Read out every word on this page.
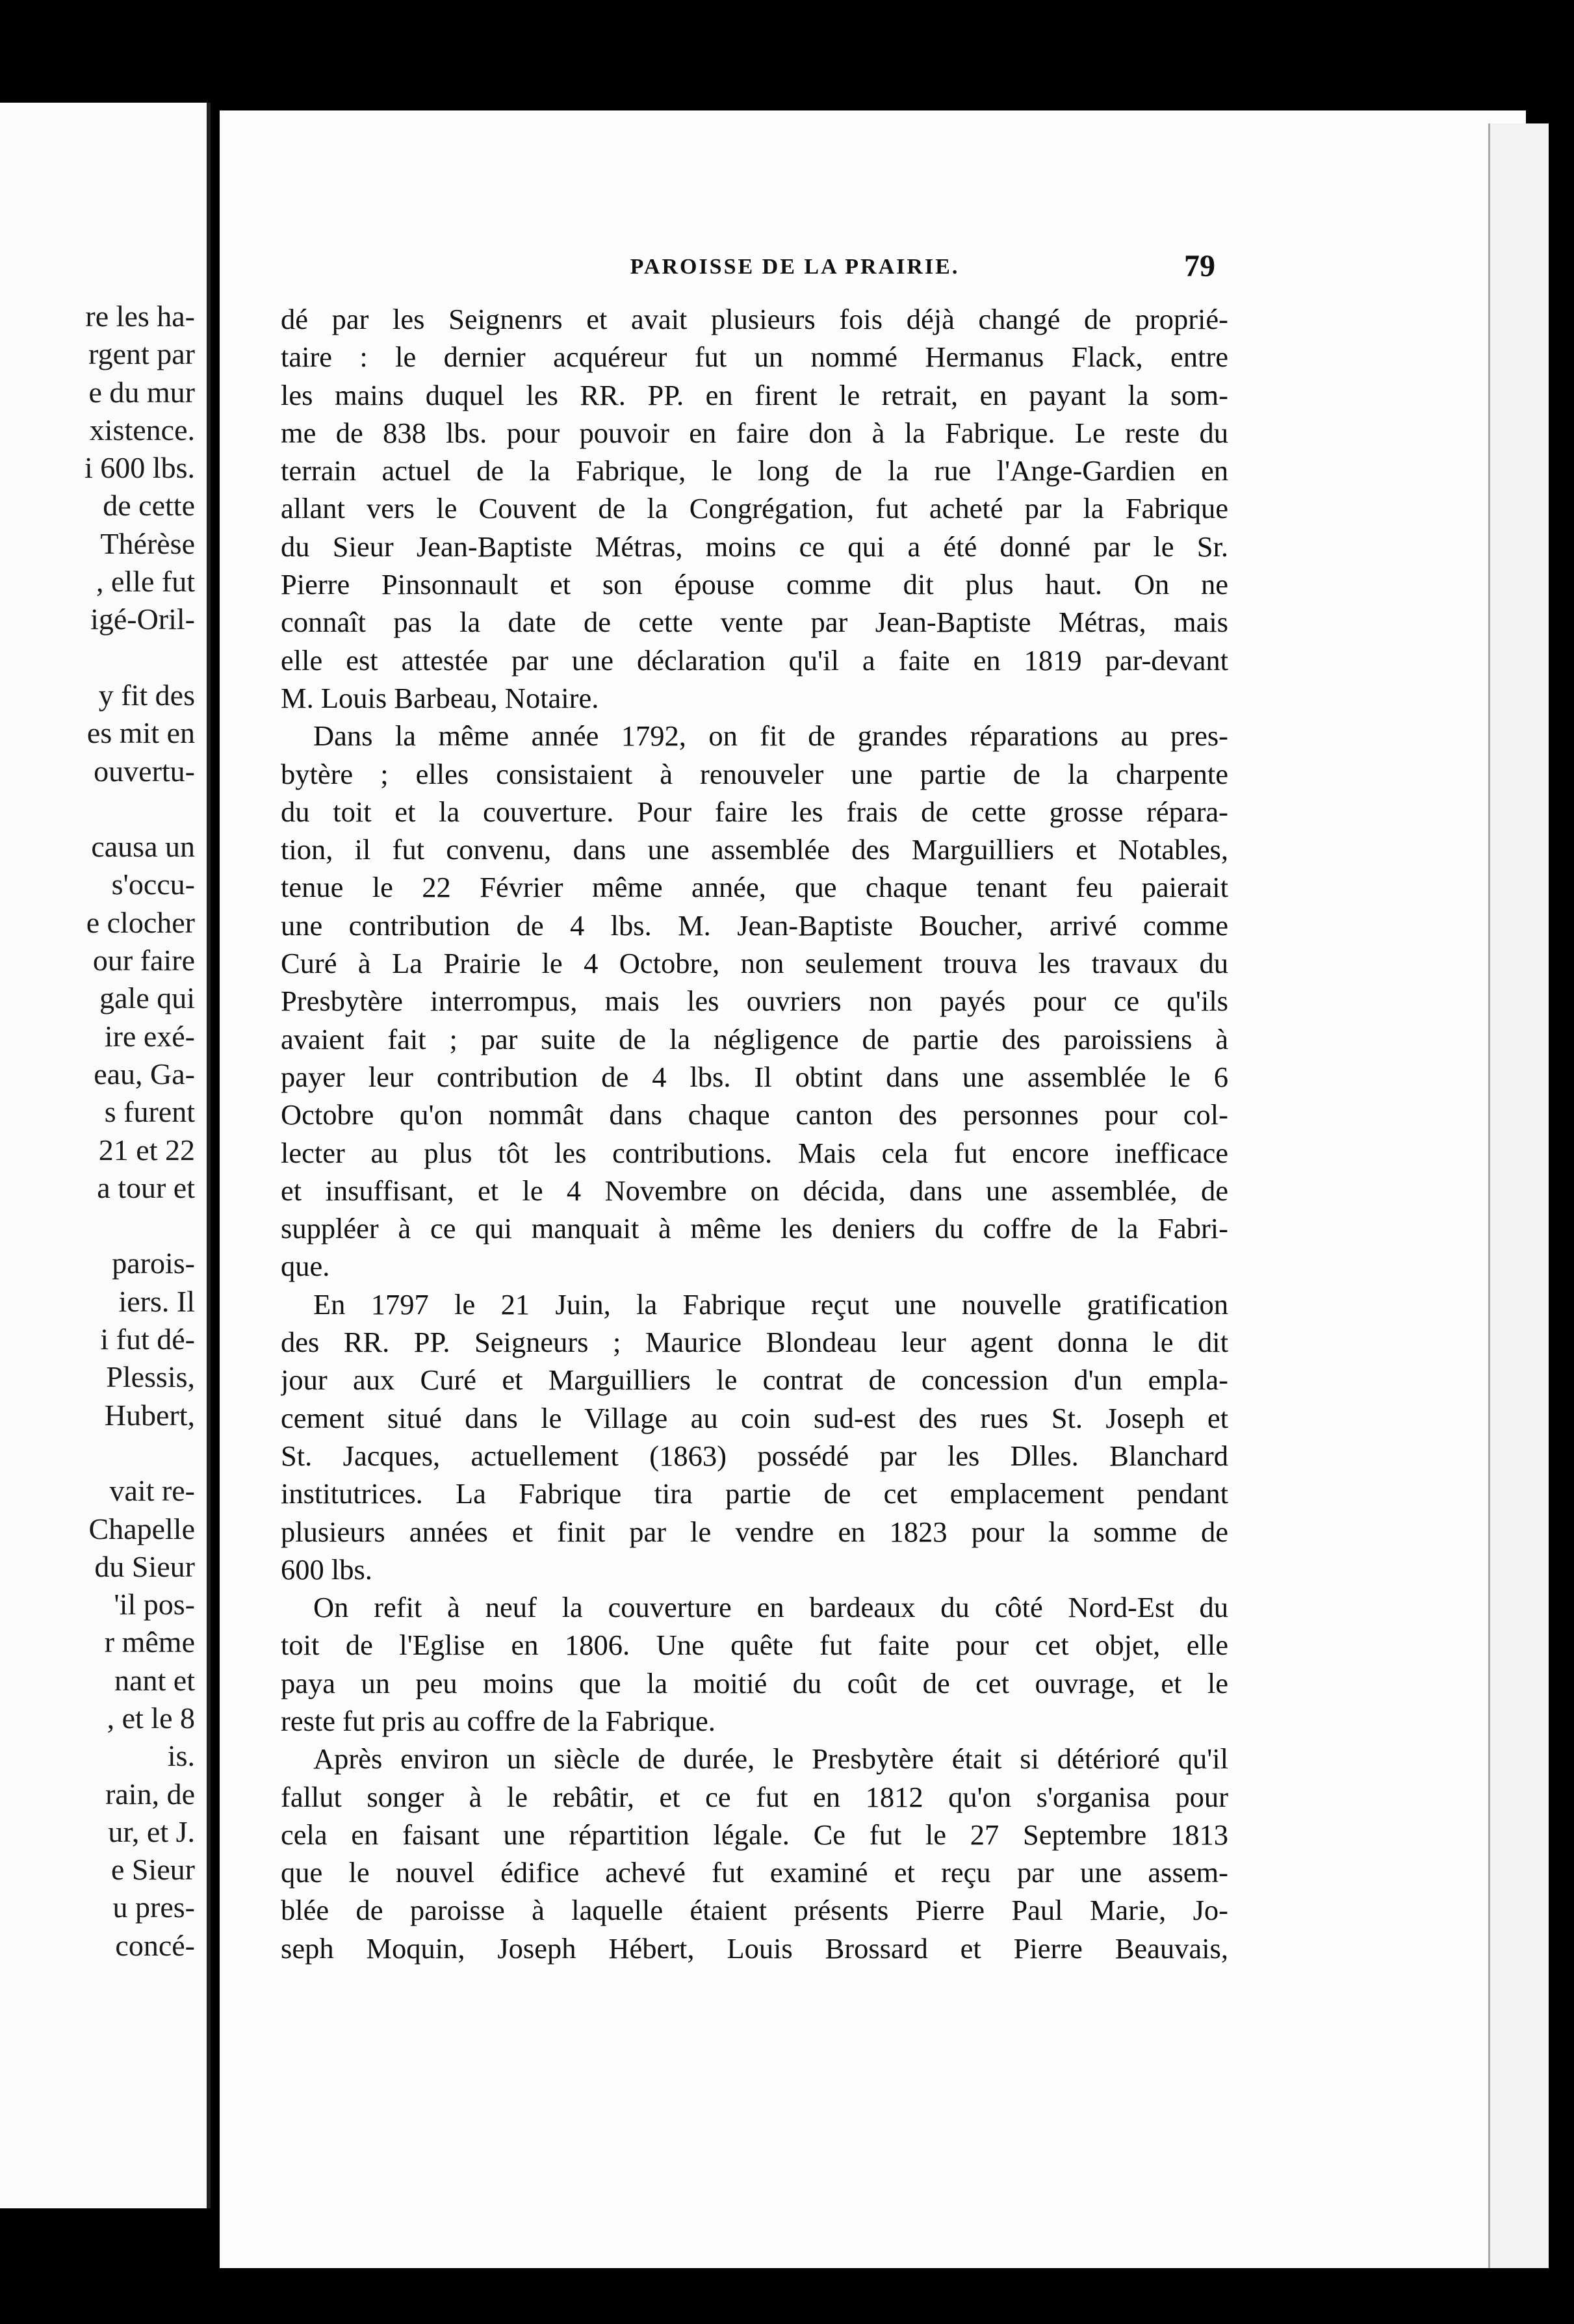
re les ha-
rgent par
e du mur
xistence.
i 600 lbs.
de cette
Thérèse
, elle fut
igé-Oril-
y fit des
es mit en
ouvertu-
causa un
s'occu-
e clocher
our faire
gale qui
ire exé-
eau, Ga-
s furent
21 et 22
a tour et
parois-
iers. Il
i fut dé-
Plessis,
Hubert,
vait re-
Chapelle
du Sieur
'il pos-
r même
nant et
, et le 8
is.
rain, de
ur, et J.
e Sieur
u pres-
concé-
PAROISSE DE LA PRAIRIE.	79
dé par les Seignenrs et avait plusieurs fois déjà changé de proprié-
taire : le dernier acquéreur fut un nommé Hermanus Flack, entre
les mains duquel les RR. PP. en firent le retrait, en payant la som-
me de 838 lbs. pour pouvoir en faire don à la Fabrique. Le reste du
terrain actuel de la Fabrique, le long de la rue l'Ange-Gardien en
allant vers le Couvent de la Congrégation, fut acheté par la Fabrique
du Sieur Jean-Baptiste Métras, moins ce qui a été donné par le Sr.
Pierre Pinsonnault et son épouse comme dit plus haut. On ne
connaît pas la date de cette vente par Jean-Baptiste Métras, mais
elle est attestée par une déclaration qu'il a faite en 1819 par-devant
M. Louis Barbeau, Notaire.
Dans la même année 1792, on fit de grandes réparations au pres-
bytère ; elles consistaient à renouveler une partie de la charpente
du toit et la couverture. Pour faire les frais de cette grosse répara-
tion, il fut convenu, dans une assemblée des Marguilliers et Notables,
tenue le 22 Février même année, que chaque tenant feu paierait
une contribution de 4 lbs. M. Jean-Baptiste Boucher, arrivé comme
Curé à La Prairie le 4 Octobre, non seulement trouva les travaux du
Presbytère interrompus, mais les ouvriers non payés pour ce qu'ils
avaient fait ; par suite de la négligence de partie des paroissiens à
payer leur contribution de 4 lbs. Il obtint dans une assemblée le 6
Octobre qu'on nommât dans chaque canton des personnes pour col-
lecter au plus tôt les contributions. Mais cela fut encore inefficace
et insuffisant, et le 4 Novembre on décida, dans une assemblée, de
suppléer à ce qui manquait à même les deniers du coffre de la Fabri-
que.
En 1797 le 21 Juin, la Fabrique reçut une nouvelle gratification
des RR. PP. Seigneurs ; Maurice Blondeau leur agent donna le dit
jour aux Curé et Marguilliers le contrat de concession d'un empla-
cement situé dans le Village au coin sud-est des rues St. Joseph et
St. Jacques, actuellement (1863) possédé par les Dlles. Blanchard
institutrices. La Fabrique tira partie de cet emplacement pendant
plusieurs années et finit par le vendre en 1823 pour la somme de
600 lbs.
On refit à neuf la couverture en bardeaux du côté Nord-Est du
toit de l'Eglise en 1806. Une quête fut faite pour cet objet, elle
paya un peu moins que la moitié du coût de cet ouvrage, et le
reste fut pris au coffre de la Fabrique.
Après environ un siècle de durée, le Presbytère était si détérioré qu'il
fallut songer à le rebâtir, et ce fut en 1812 qu'on s'organisa pour
cela en faisant une répartition légale. Ce fut le 27 Septembre 1813
que le nouvel édifice achevé fut examiné et reçu par une assem-
blée de paroisse à laquelle étaient présents Pierre Paul Marie, Jo-
seph Moquin, Joseph Hébert, Louis Brossard et Pierre Beauvais,
